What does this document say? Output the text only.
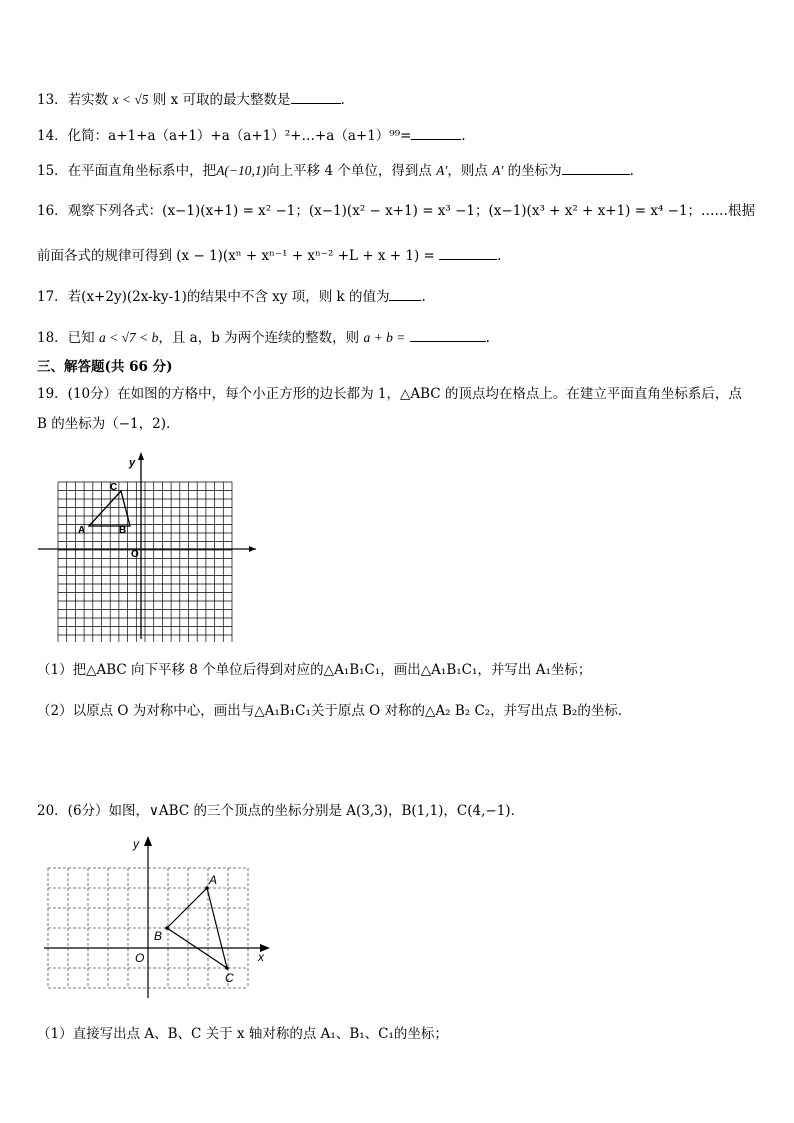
13．若实数 x < √5 则 x 可取的最大整数是	.
14．化简：a+1+a（a+1）+a（a+1）²+…+a（a+1）⁹⁹=	.
15．在平面直角坐标系中，把A(−10,1)向上平移 4 个单位，得到点 A′，则点 A′ 的坐标为	.
16．观察下列各式：(x−1)(x+1) = x² −1；(x−1)(x² − x+1) = x³ −1；(x−1)(x³ + x² + x+1) = x⁴ −1；……根据
前面各式的规律可得到 (x − 1)(xⁿ + xⁿ⁻¹ + xⁿ⁻² +L + x + 1) =	.
17．若(x+2y)(2x-ky-1)的结果中不含 xy 项，则 k 的值为 .
18．已知 a < √7 < b，且 a，b 为两个连续的整数，则 a + b =	.
三、解答题(共 66 分)
19．(10分）在如图的方格中，每个小正方形的边长都为 1，△ABC 的顶点均在格点上。在建立平面直角坐标系后，点
B 的坐标为（−1，2).
y
C
A	B
O
（1）把△ABC 向下平移 8 个单位后得到对应的△A₁B₁C₁，画出△A₁B₁C₁，并写出 A₁坐标；
（2）以原点 O 为对称中心，画出与△A₁B₁C₁关于原点 O 对称的△A₂ B₂ C₂，并写出点 B₂的坐标．
20．(6分）如图，∨ABC 的三个顶点的坐标分别是 A(3,3)，B(1,1)，C(4,−1)．
y
x
O
A
B
C
（1）直接写出点 A、B、C 关于 x 轴对称的点 A₁、B₁、C₁的坐标；
